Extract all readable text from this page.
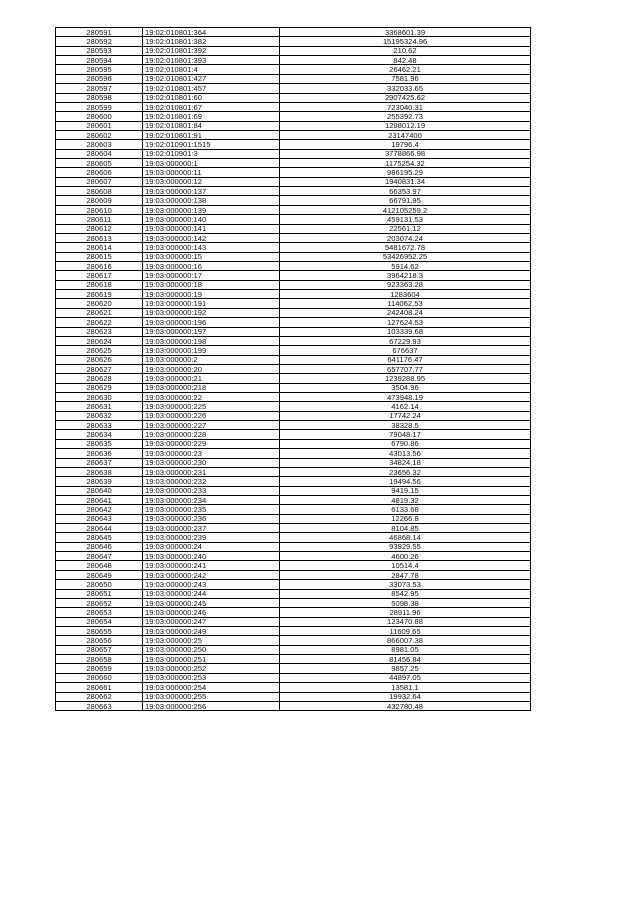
280591	19:02:010801:364	3368601.39
280592	19:02:010801:382	15195324.96
280593	19:02:010801:392	210.62
280594	19:02:010801:393	842.48
280595	19:02:010801:4	26462.21
280596	19:02:010801:427	7581.96
280597	19:02:010801:457	332033.65
280598	19:02:010801:60	2907425.62
280599	19:02:010801:67	723040.31
280600	19:02:010801:69	255392.73
280601	19:02:010801:84	1298012.19
280602	19:02:010801:91	23147400
280603	19:02:010901:1515	19796.4
280604	19:02:010901:3	3778866.98
280605	19:03:000000:1	1175254.32
280606	19:03:000000:11	986195.29
280607	19:03:000000:12	1940831.34
280608	19:03:000000:137	66353.97
280609	19:03:000000:138	66791.95
280610	19:03:000000:139	412105259.2
280611	19:03:000000:140	459131.53
280612	19:03:000000:141	22561.12
280613	19:03:000000:142	203074.24
280614	19:03:000000:143	5481672.78
280615	19:03:000000:15	53426952.25
280616	19:03:000000:16	5914.62
280617	19:03:000000:17	3964218.3
280618	19:03:000000:18	923363.28
280619	19:03:000000:19	1283604
280620	19:03:000000:191	114062.53
280621	19:03:000000:192	242408.24
280622	19:03:000000:196	127624.53
280623	19:03:000000:197	103339.68
280624	19:03:000000:198	67229.93
280625	19:03:000000:199	676637
280626	19:03:000000:2	641176.47
280627	19:03:000000:20	657707.77
280628	19:03:000000:21	1239288.95
280629	19:03:000000:218	3504.96
280630	19:03:000000:22	473948.19
280631	19:03:000000:225	4162.14
280632	19:03:000000:226	17742.24
280633	19:03:000000:227	38328.5
280634	19:03:000000:228	79048.17
280635	19:03:000000:229	6790.86
280636	19:03:000000:23	43013.56
280637	19:03:000000:230	34824.18
280638	19:03:000000:231	23656.32
280639	19:03:000000:232	19494.56
280640	19:03:000000:233	9419.15
280641	19:03:000000:234	4819.32
280642	19:03:000000:235	6133.68
280643	19:03:000000:236	12266.8
280644	19:03:000000:237	8104.85
280645	19:03:000000:239	46868.14
280646	19:03:000000:24	93929.55
280647	19:03:000000:240	4600.26
280648	19:03:000000:241	10514.4
280649	19:03:000000:242	2847.78
280650	19:03:000000:243	33073.53
280651	19:03:000000:244	8542.95
280652	19:03:000000:245	5098.38
280653	19:03:000000:246	28911.96
280654	19:03:000000:247	123470.88
280655	19:03:000000:249	11609.65
280656	19:03:000000:25	866007.38
280657	19:03:000000:250	8981.05
280658	19:03:000000:251	81456.84
280659	19:03:000000:252	9857.25
280660	19:03:000000:253	44897.05
280661	19:03:000000:254	13581.1
280662	19:03:000000:255	19932.64
280663	19:03:000000:256	432780.48
